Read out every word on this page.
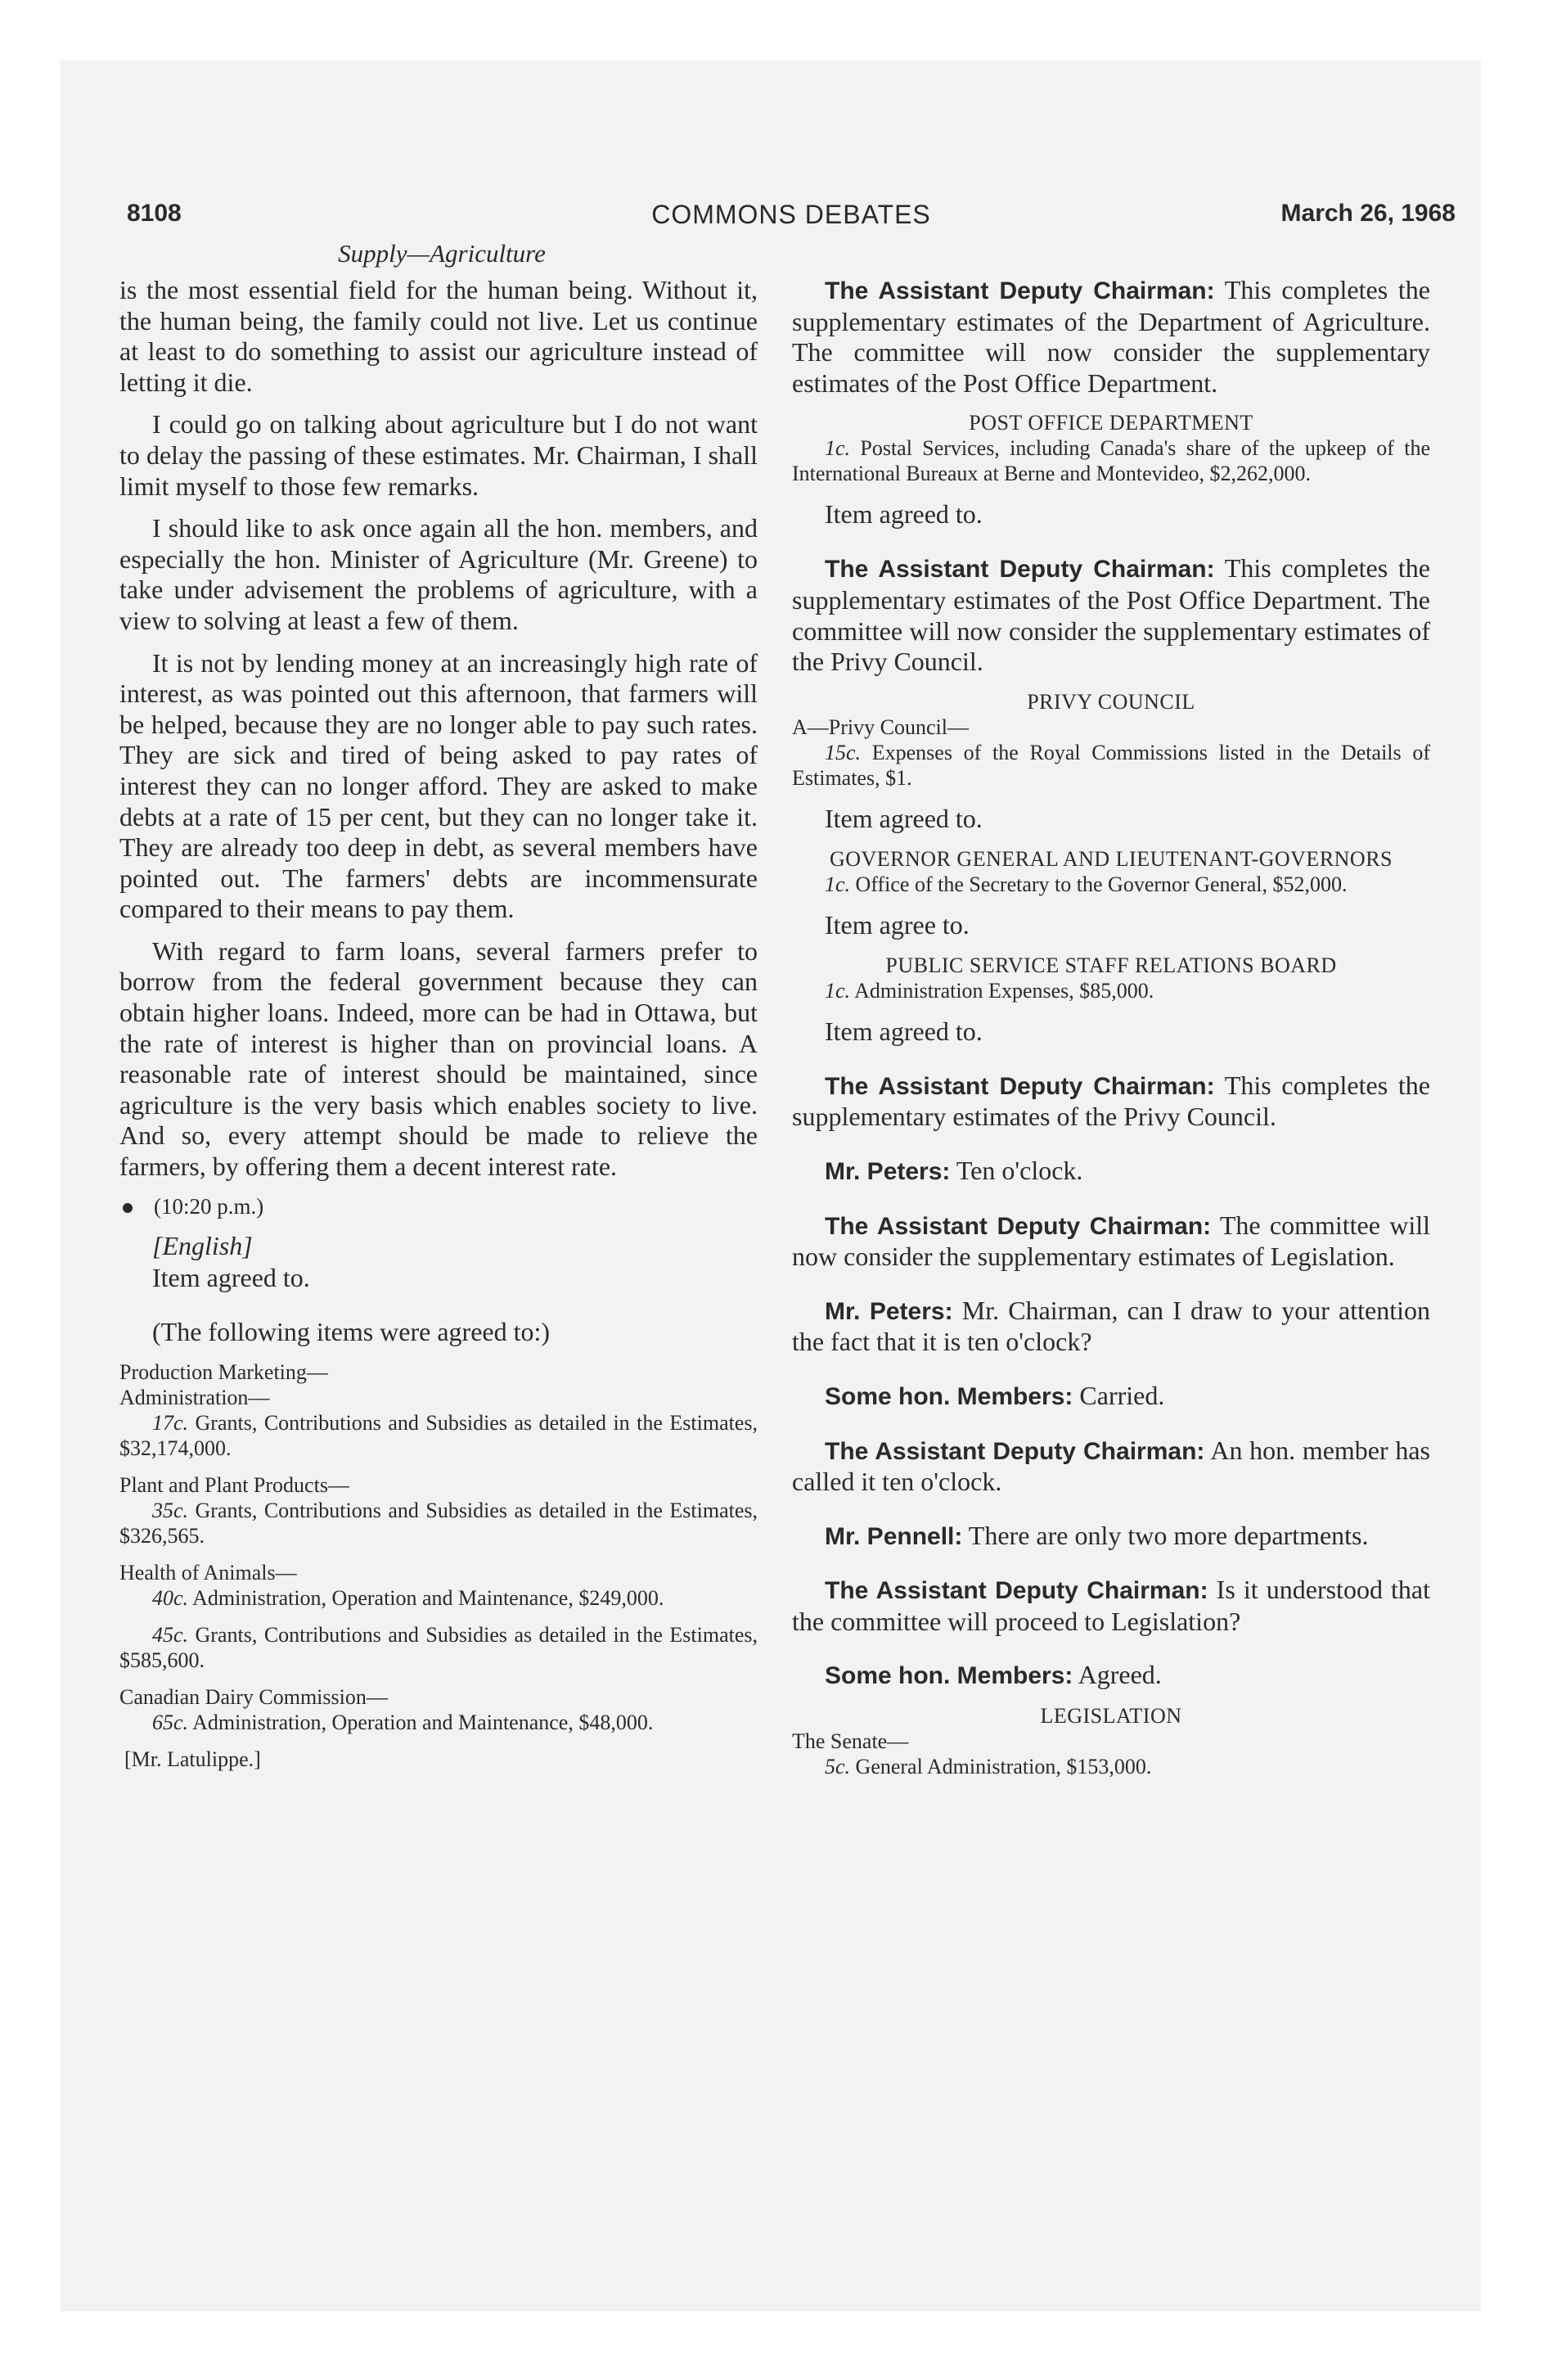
8108	COMMONS DEBATES	March 26, 1968
Supply—Agriculture

is the most essential field for the human being. Without it, the human being, the family could not live. Let us continue at least to do something to assist our agriculture instead of letting it die.

I could go on talking about agriculture but I do not want to delay the passing of these estimates. Mr. Chairman, I shall limit myself to those few remarks.

I should like to ask once again all the hon. members, and especially the hon. Minister of Agriculture (Mr. Greene) to take under advisement the problems of agriculture, with a view to solving at least a few of them.

It is not by lending money at an increasingly high rate of interest, as was pointed out this afternoon, that farmers will be helped, because they are no longer able to pay such rates. They are sick and tired of being asked to pay rates of interest they can no longer afford. They are asked to make debts at a rate of 15 per cent, but they can no longer take it. They are already too deep in debt, as several members have pointed out. The farmers' debts are incommensurate compared to their means to pay them.

With regard to farm loans, several farmers prefer to borrow from the federal government because they can obtain higher loans. Indeed, more can be had in Ottawa, but the rate of interest is higher than on provincial loans. A reasonable rate of interest should be maintained, since agriculture is the very basis which enables society to live. And so, every attempt should be made to relieve the farmers, by offering them a decent interest rate.

(10:20 p.m.)

[English]

Item agreed to.

(The following items were agreed to:)

Production Marketing—

Administration—

17c. Grants, Contributions and Subsidies as detailed in the Estimates, $32,174,000.

Plant and Plant Products—

35c. Grants, Contributions and Subsidies as detailed in the Estimates, $326,565.

Health of Animals—

40c. Administration, Operation and Maintenance, $249,000.

45c. Grants, Contributions and Subsidies as detailed in the Estimates, $585,600.

Canadian Dairy Commission—

65c. Administration, Operation and Maintenance, $48,000.

[Mr. Latulippe.]

The Assistant Deputy Chairman: This completes the supplementary estimates of the Department of Agriculture. The committee will now consider the supplementary estimates of the Post Office Department.

POST OFFICE DEPARTMENT

1c. Postal Services, including Canada's share of the upkeep of the International Bureaux at Berne and Montevideo, $2,262,000.

Item agreed to.

The Assistant Deputy Chairman: This completes the supplementary estimates of the Post Office Department. The committee will now consider the supplementary estimates of the Privy Council.

PRIVY COUNCIL

A—Privy Council—

15c. Expenses of the Royal Commissions listed in the Details of Estimates, $1.

Item agreed to.

GOVERNOR GENERAL AND LIEUTENANT-GOVERNORS

1c. Office of the Secretary to the Governor General, $52,000.

Item agree to.

PUBLIC SERVICE STAFF RELATIONS BOARD

1c. Administration Expenses, $85,000.

Item agreed to.

The Assistant Deputy Chairman: This completes the supplementary estimates of the Privy Council.

Mr. Peters: Ten o'clock.

The Assistant Deputy Chairman: The committee will now consider the supplementary estimates of Legislation.

Mr. Peters: Mr. Chairman, can I draw to your attention the fact that it is ten o'clock?

Some hon. Members: Carried.

The Assistant Deputy Chairman: An hon. member has called it ten o'clock.

Mr. Pennell: There are only two more departments.

The Assistant Deputy Chairman: Is it understood that the committee will proceed to Legislation?

Some hon. Members: Agreed.

LEGISLATION

The Senate—

5c. General Administration, $153,000.
